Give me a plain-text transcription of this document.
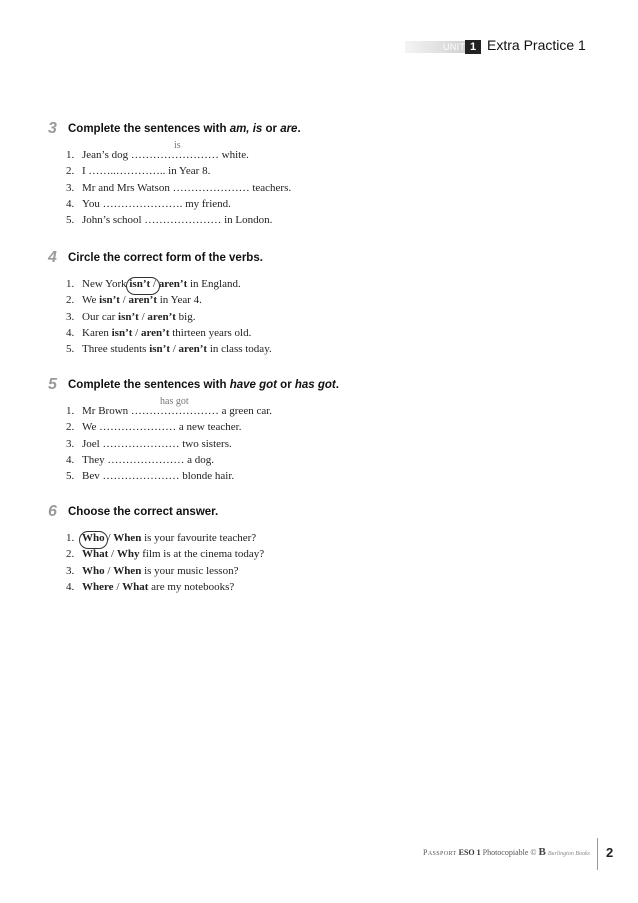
UNIT 1 Extra Practice 1
3 Complete the sentences with am, is or are.
1. Jean’s dog …………………… white.
is
2. I ……..………….. in Year 8.
3. Mr and Mrs Watson ………………… teachers.
4. You …………………. my friend.
5. John’s school ………………… in London.
4 Circle the correct form of the verbs.
1. New York isn’t
/ aren’t in England.
2. We isn’t / aren’t in Year 4.
3. Our car isn’t / aren’t big.
4. Karen isn’t / aren’t thirteen years old.
5. Three students isn’t / aren’t in class today.
5 Complete the sentences with have got or has got.
1. Mr Brown …………………… a green car.
has got
2. We ………………… a new teacher.
3. Joel ………………… two sisters.
4. They ………………… a dog.
5. Bev ………………… blonde hair.
6 Choose the correct answer.
1. Who
/ When is your favourite teacher?
2. What / Why film is at the cinema today?
3. Who / When is your music lesson?
4. Where / What are my notebooks?
Passport ESO 1 Photocopiable © B Burlington Books 2
